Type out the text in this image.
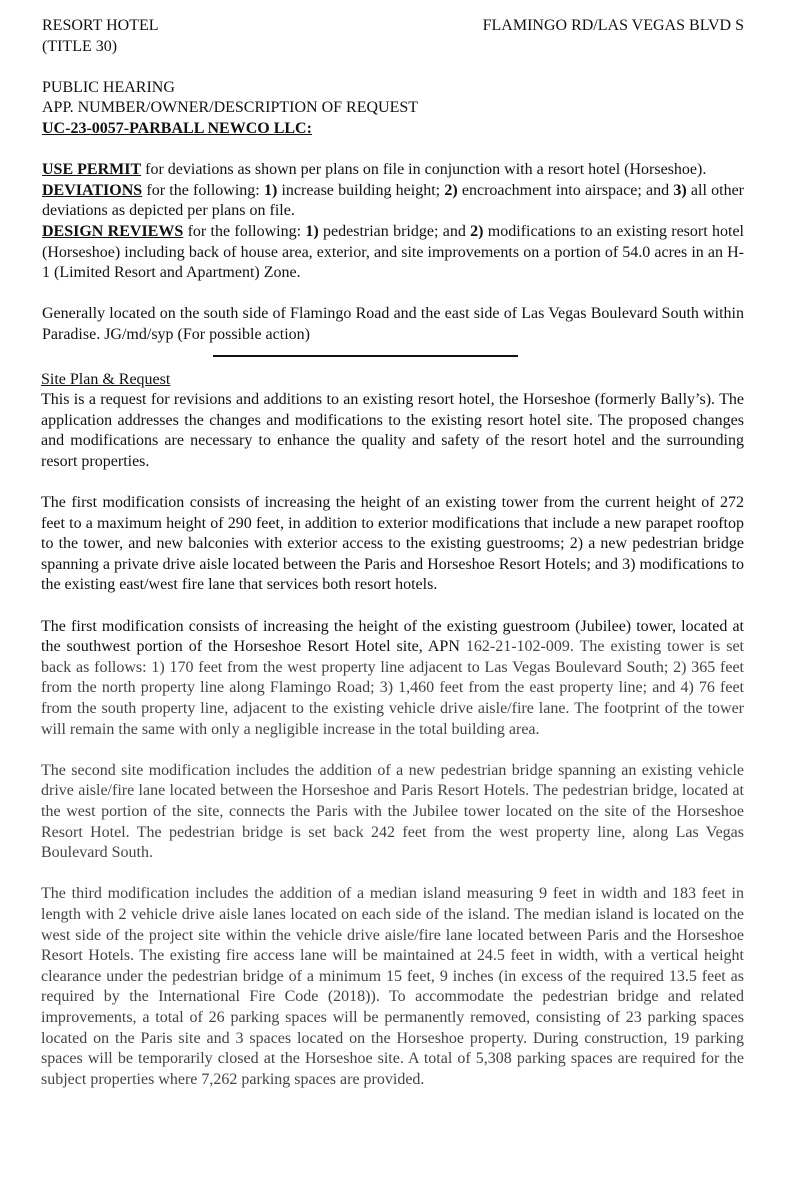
RESORT HOTEL
(TITLE 30)
FLAMINGO RD/LAS VEGAS BLVD S
PUBLIC HEARING
APP. NUMBER/OWNER/DESCRIPTION OF REQUEST
UC-23-0057-PARBALL NEWCO LLC:

USE PERMIT for deviations as shown per plans on file in conjunction with a resort hotel (Horseshoe).

DEVIATIONS for the following: 1) increase building height; 2) encroachment into airspace; and 3) all other deviations as depicted per plans on file.

DESIGN REVIEWS for the following: 1) pedestrian bridge; and 2) modifications to an existing resort hotel (Horseshoe) including back of house area, exterior, and site improvements on a portion of 54.0 acres in an H-1 (Limited Resort and Apartment) Zone.

Generally located on the south side of Flamingo Road and the east side of Las Vegas Boulevard South within Paradise. JG/md/syp (For possible action)

Site Plan & Request

This is a request for revisions and additions to an existing resort hotel, the Horseshoe (formerly Bally’s). The application addresses the changes and modifications to the existing resort hotel site. The proposed changes and modifications are necessary to enhance the quality and safety of the resort hotel and the surrounding resort properties.

The first modification consists of increasing the height of an existing tower from the current height of 272 feet to a maximum height of 290 feet, in addition to exterior modifications that include a new parapet rooftop to the tower, and new balconies with exterior access to the existing guestrooms; 2) a new pedestrian bridge spanning a private drive aisle located between the Paris and Horseshoe Resort Hotels; and 3) modifications to the existing east/west fire lane that services both resort hotels.

The first modification consists of increasing the height of the existing guestroom (Jubilee) tower, located at the southwest portion of the Horseshoe Resort Hotel site, APN 162-21-102-009. The existing tower is set back as follows: 1) 170 feet from the west property line adjacent to Las Vegas Boulevard South; 2) 365 feet from the north property line along Flamingo Road; 3) 1,460 feet from the east property line; and 4) 76 feet from the south property line, adjacent to the existing vehicle drive aisle/fire lane. The footprint of the tower will remain the same with only a negligible increase in the total building area.

The second site modification includes the addition of a new pedestrian bridge spanning an existing vehicle drive aisle/fire lane located between the Horseshoe and Paris Resort Hotels. The pedestrian bridge, located at the west portion of the site, connects the Paris with the Jubilee tower located on the site of the Horseshoe Resort Hotel. The pedestrian bridge is set back 242 feet from the west property line, along Las Vegas Boulevard South.

The third modification includes the addition of a median island measuring 9 feet in width and 183 feet in length with 2 vehicle drive aisle lanes located on each side of the island. The median island is located on the west side of the project site within the vehicle drive aisle/fire lane located between Paris and the Horseshoe Resort Hotels. The existing fire access lane will be maintained at 24.5 feet in width, with a vertical height clearance under the pedestrian bridge of a minimum 15 feet, 9 inches (in excess of the required 13.5 feet as required by the International Fire Code (2018)). To accommodate the pedestrian bridge and related improvements, a total of 26 parking spaces will be permanently removed, consisting of 23 parking spaces located on the Paris site and 3 spaces located on the Horseshoe property. During construction, 19 parking spaces will be temporarily closed at the Horseshoe site. A total of 5,308 parking spaces are required for the subject properties where 7,262 parking spaces are provided.
